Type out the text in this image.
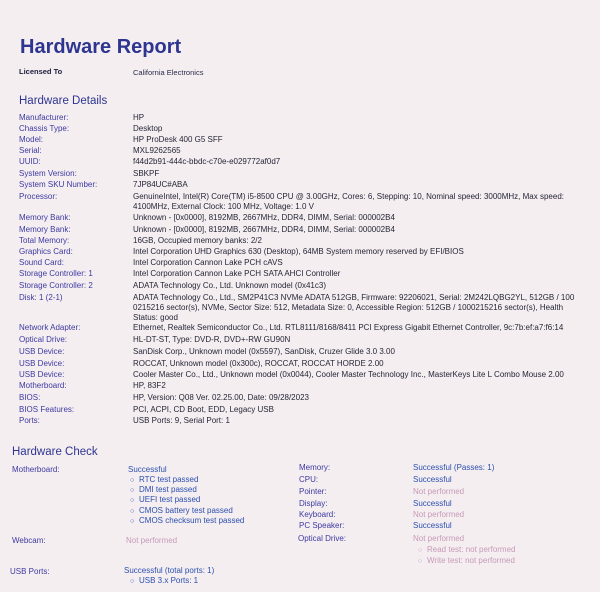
Hardware Report
Licensed To	California Electronics
Hardware Details
Manufacturer:	HP
Chassis Type:	Desktop
Model:	HP ProDesk 400 G5 SFF
Serial:	MXL9262565
UUID:	f44d2b91-444c-bbdc-c70e-e029772af0d7
System Version:	SBKPF
System SKU Number:	7JP84UC#ABA
Processor:	GenuineIntel, Intel(R) Core(TM) i5-8500 CPU @ 3.00GHz, Cores: 6, Stepping: 10, Nominal speed: 3000MHz, Max speed: 4100MHz, External Clock: 100 MHz, Voltage: 1.0 V
Memory Bank:	Unknown - [0x0000], 8192MB, 2667MHz, DDR4, DIMM, Serial: 000002B4
Memory Bank:	Unknown - [0x0000], 8192MB, 2667MHz, DDR4, DIMM, Serial: 000002B4
Total Memory:	16GB, Occupied memory banks: 2/2
Graphics Card:	Intel Corporation UHD Graphics 630 (Desktop), 64MB System memory reserved by EFI/BIOS
Sound Card:	Intel Corporation Cannon Lake PCH cAVS
Storage Controller: 1	Intel Corporation Cannon Lake PCH SATA AHCI Controller
Storage Controller: 2	ADATA Technology Co., Ltd. Unknown model (0x41c3)
Disk: 1 (2-1)	ADATA Technology Co., Ltd., SM2P41C3 NVMe ADATA 512GB, Firmware: 92206021, Serial: 2M242LQBG2YL, 512GB / 100 0215216 sector(s), NVMe, Sector Size: 512, Metadata Size: 0, Accessible Region: 512GB / 1000215216 sector(s), Health Status: good
Network Adapter:	Ethernet, Realtek Semiconductor Co., Ltd. RTL8111/8168/8411 PCI Express Gigabit Ethernet Controller, 9c:7b:ef:a7:f6:14
Optical Drive:	HL-DT-ST, Type: DVD-R, DVD+-RW GU90N
USB Device:	SanDisk Corp., Unknown model (0x5597), SanDisk, Cruzer Glide 3.0 3.00
USB Device:	ROCCAT, Unknown model (0x300c), ROCCAT, ROCCAT HORDE 2.00
USB Device:	Cooler Master Co., Ltd., Unknown model (0x0044), Cooler Master Technology Inc., MasterKeys Lite L Combo Mouse 2.00
Motherboard:	HP, 83F2
BIOS:	HP, Version: Q08 Ver. 02.25.00, Date: 09/28/2023
BIOS Features:	PCI, ACPI, CD Boot, EDD, Legacy USB
Ports:	USB Ports: 9, Serial Port: 1
Hardware Check
Motherboard:	Successful
○ RTC test passed
○ DMI test passed
○ UEFI test passed
○ CMOS battery test passed
○ CMOS checksum test passed
Webcam:	Not performed
USB Ports:	Successful (total ports: 1)
○ USB 3.x Ports: 1
Memory:	Successful (Passes: 1)
CPU:	Successful
Pointer:	Not performed
Display:	Successful
Keyboard:	Not performed
PC Speaker:	Successful
Optical Drive:	Not performed
○ Read test: not performed
○ Write test: not performed
